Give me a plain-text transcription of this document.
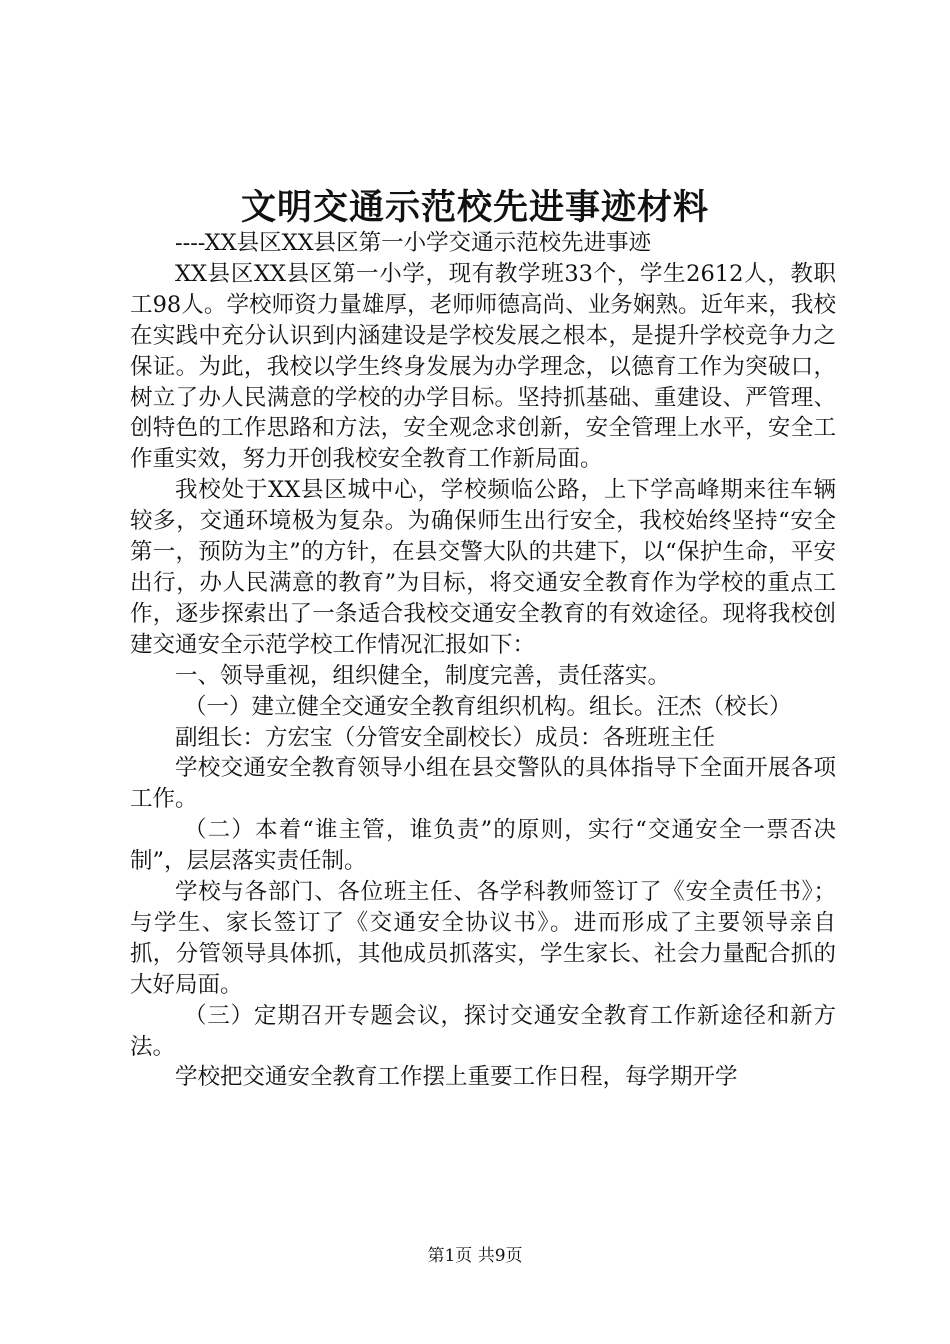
文明交通示范校先进事迹材料

----XX县区XX县区第一小学交通示范校先进事迹

XX县区XX县区第一小学，现有教学班33个，学生2612人，教职工98人。学校师资力量雄厚，老师师德高尚、业务娴熟。近年来，我校在实践中充分认识到内涵建设是学校发展之根本，是提升学校竞争力之保证。为此，我校以学生终身发展为办学理念，以德育工作为突破口，树立了办人民满意的学校的办学目标。坚持抓基础、重建设、严管理、创特色的工作思路和方法，安全观念求创新，安全管理上水平，安全工作重实效，努力开创我校安全教育工作新局面。

我校处于XX县区城中心，学校频临公路，上下学高峰期来往车辆较多，交通环境极为复杂。为确保师生出行安全，我校始终坚持“安全第一，预防为主”的方针，在县交警大队的共建下，以“保护生命，平安出行，办人民满意的教育”为目标，将交通安全教育作为学校的重点工作，逐步探索出了一条适合我校交通安全教育的有效途径。现将我校创建交通安全示范学校工作情况汇报如下：

一、领导重视，组织健全，制度完善，责任落实。

（一）建立健全交通安全教育组织机构。组长。汪杰（校长）

副组长：方宏宝（分管安全副校长）成员：各班班主任

学校交通安全教育领导小组在县交警队的具体指导下全面开展各项工作。

（二）本着“谁主管，谁负责”的原则，实行“交通安全一票否决制”，层层落实责任制。

学校与各部门、各位班主任、各学科教师签订了《安全责任书》；与学生、家长签订了《交通安全协议书》。进而形成了主要领导亲自抓，分管领导具体抓，其他成员抓落实，学生家长、社会力量配合抓的大好局面。

（三）定期召开专题会议，探讨交通安全教育工作新途径和新方法。

学校把交通安全教育工作摆上重要工作日程，每学期开学

第1页 共9页
